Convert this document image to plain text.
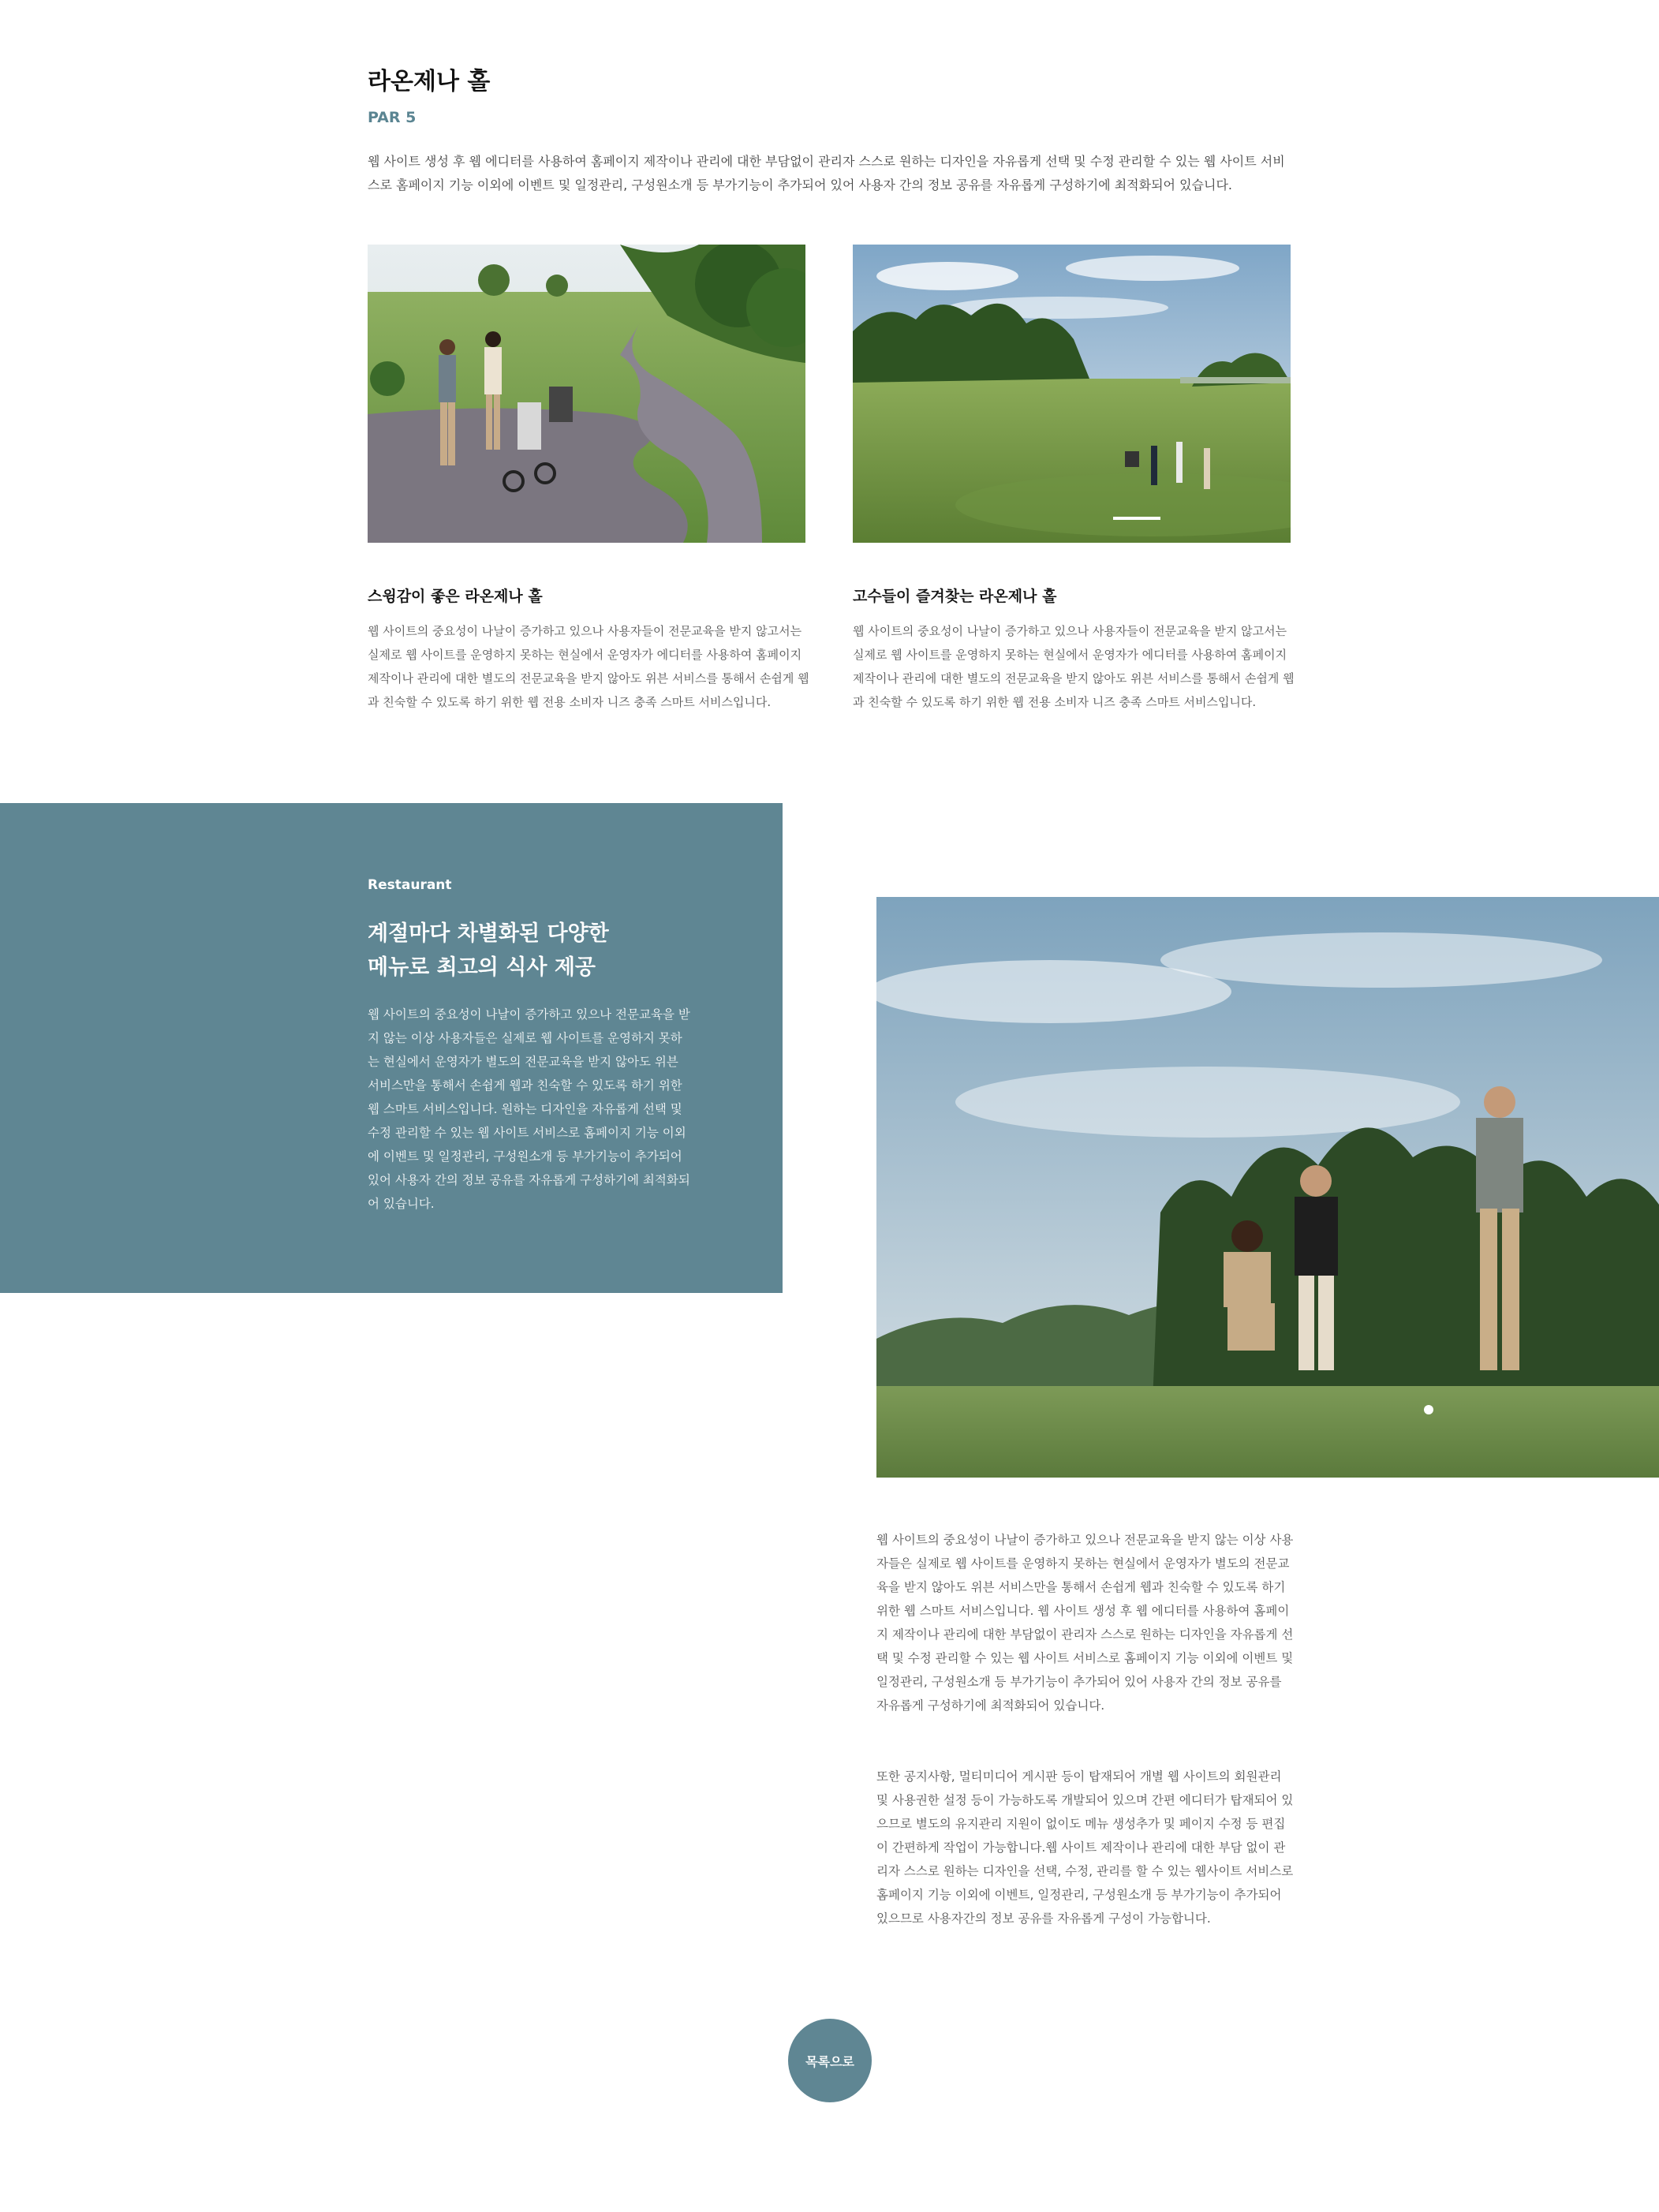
라온제나 홀
PAR 5

웹 사이트 생성 후 웹 에디터를 사용하여 홈페이지 제작이나 관리에 대한 부담없이 관리자 스스로 원하는 디자인을 자유롭게 선택 및 수정 관리할 수 있는 웹 사이트 서비스로 홈페이지 기능 이외에 이벤트 및 일정관리, 구성원소개 등 부가기능이 추가되어 있어 사용자 간의 정보 공유를 자유롭게 구성하기에 최적화되어 있습니다.

스윙감이 좋은 라온제나 홀

웹 사이트의 중요성이 나날이 증가하고 있으나 사용자들이 전문교육을 받지 않고서는 실제로 웹 사이트를 운영하지 못하는 현실에서 운영자가 에디터를 사용하여 홈페이지 제작이나 관리에 대한 별도의 전문교육을 받지 않아도 위븐 서비스를 통해서 손쉽게 웹과 친숙할 수 있도록 하기 위한 웹 전용 소비자 니즈 충족 스마트 서비스입니다.

고수들이 즐겨찾는 라온제나 홀

웹 사이트의 중요성이 나날이 증가하고 있으나 사용자들이 전문교육을 받지 않고서는 실제로 웹 사이트를 운영하지 못하는 현실에서 운영자가 에디터를 사용하여 홈페이지 제작이나 관리에 대한 별도의 전문교육을 받지 않아도 위븐 서비스를 통해서 손쉽게 웹과 친숙할 수 있도록 하기 위한 웹 전용 소비자 니즈 충족 스마트 서비스입니다.

Restaurant
계절마다 차별화된 다양한
메뉴로 최고의 식사 제공

웹 사이트의 중요성이 나날이 증가하고 있으나 전문교육을 받지 않는 이상 사용자들은 실제로 웹 사이트를 운영하지 못하는 현실에서 운영자가 별도의 전문교육을 받지 않아도 위븐 서비스만을 통해서 손쉽게 웹과 친숙할 수 있도록 하기 위한 웹 스마트 서비스입니다. 원하는 디자인을 자유롭게 선택 및 수정 관리할 수 있는 웹 사이트 서비스로 홈페이지 기능 이외에 이벤트 및 일정관리, 구성원소개 등 부가기능이 추가되어 있어 사용자 간의 정보 공유를 자유롭게 구성하기에 최적화되어 있습니다.

웹 사이트의 중요성이 나날이 증가하고 있으나 전문교육을 받지 않는 이상 사용자들은 실제로 웹 사이트를 운영하지 못하는 현실에서 운영자가 별도의 전문교육을 받지 않아도 위븐 서비스만을 통해서 손쉽게 웹과 친숙할 수 있도록 하기 위한 웹 스마트 서비스입니다. 웹 사이트 생성 후 웹 에디터를 사용하여 홈페이지 제작이나 관리에 대한 부담없이 관리자 스스로 원하는 디자인을 자유롭게 선택 및 수정 관리할 수 있는 웹 사이트 서비스로 홈페이지 기능 이외에 이벤트 및 일정관리, 구성원소개 등 부가기능이 추가되어 있어 사용자 간의 정보 공유를 자유롭게 구성하기에 최적화되어 있습니다.

또한 공지사항, 멀티미디어 게시판 등이 탑재되어 개별 웹 사이트의 회원관리 및 사용권한 설정 등이 가능하도록 개발되어 있으며 간편 에디터가 탑재되어 있으므로 별도의 유지관리 지원이 없이도 메뉴 생성추가 및 페이지 수정 등 편집이 간편하게 작업이 가능합니다.웹 사이트 제작이나 관리에 대한 부담 없이 관리자 스스로 원하는 디자인을 선택, 수정, 관리를 할 수 있는 웹사이트 서비스로 홈페이지 기능 이외에 이벤트, 일정관리, 구성원소개 등 부가기능이 추가되어 있으므로 사용자간의 정보 공유를 자유롭게 구성이 가능합니다.

목록으로
